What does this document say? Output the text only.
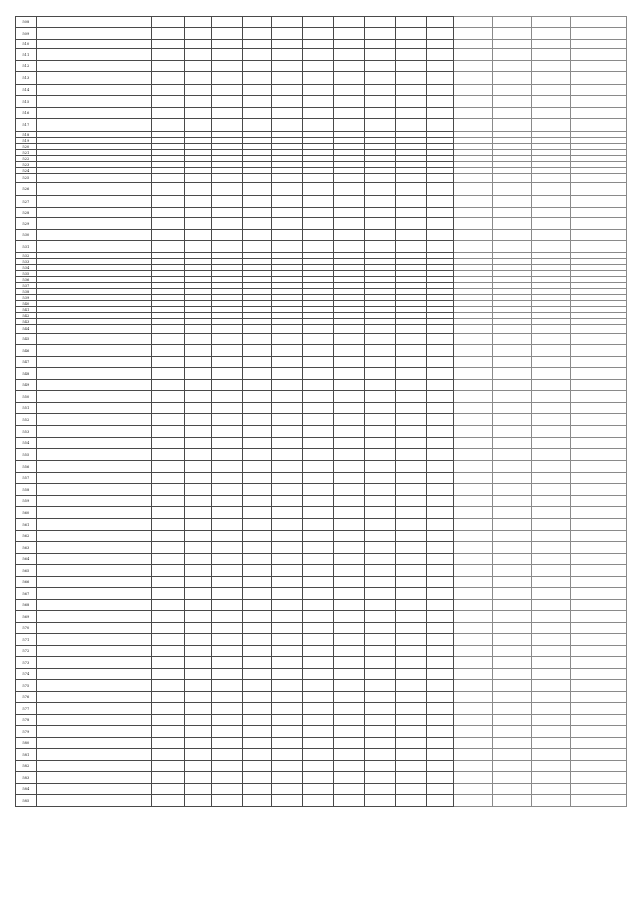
508															
509															
510															
511															
512															
513															
514															
515															
516															
517															
518															
519															
520															
521															
522															
523															
524															
525															
526															
527															
528															
529															
530															
531															
532															
533															
534															
535															
536															
537															
538															
539															
540															
541															
542															
543															
544															
545															
546															
547															
548															
549															
550															
551															
552															
553															
554															
555															
556															
557															
558															
559															
560															
561															
562															
563															
564															
565															
566															
567															
568															
569															
570															
571															
572															
573															
574															
575															
576															
577															
578															
579															
580															
581															
582															
583															
584															
585															
